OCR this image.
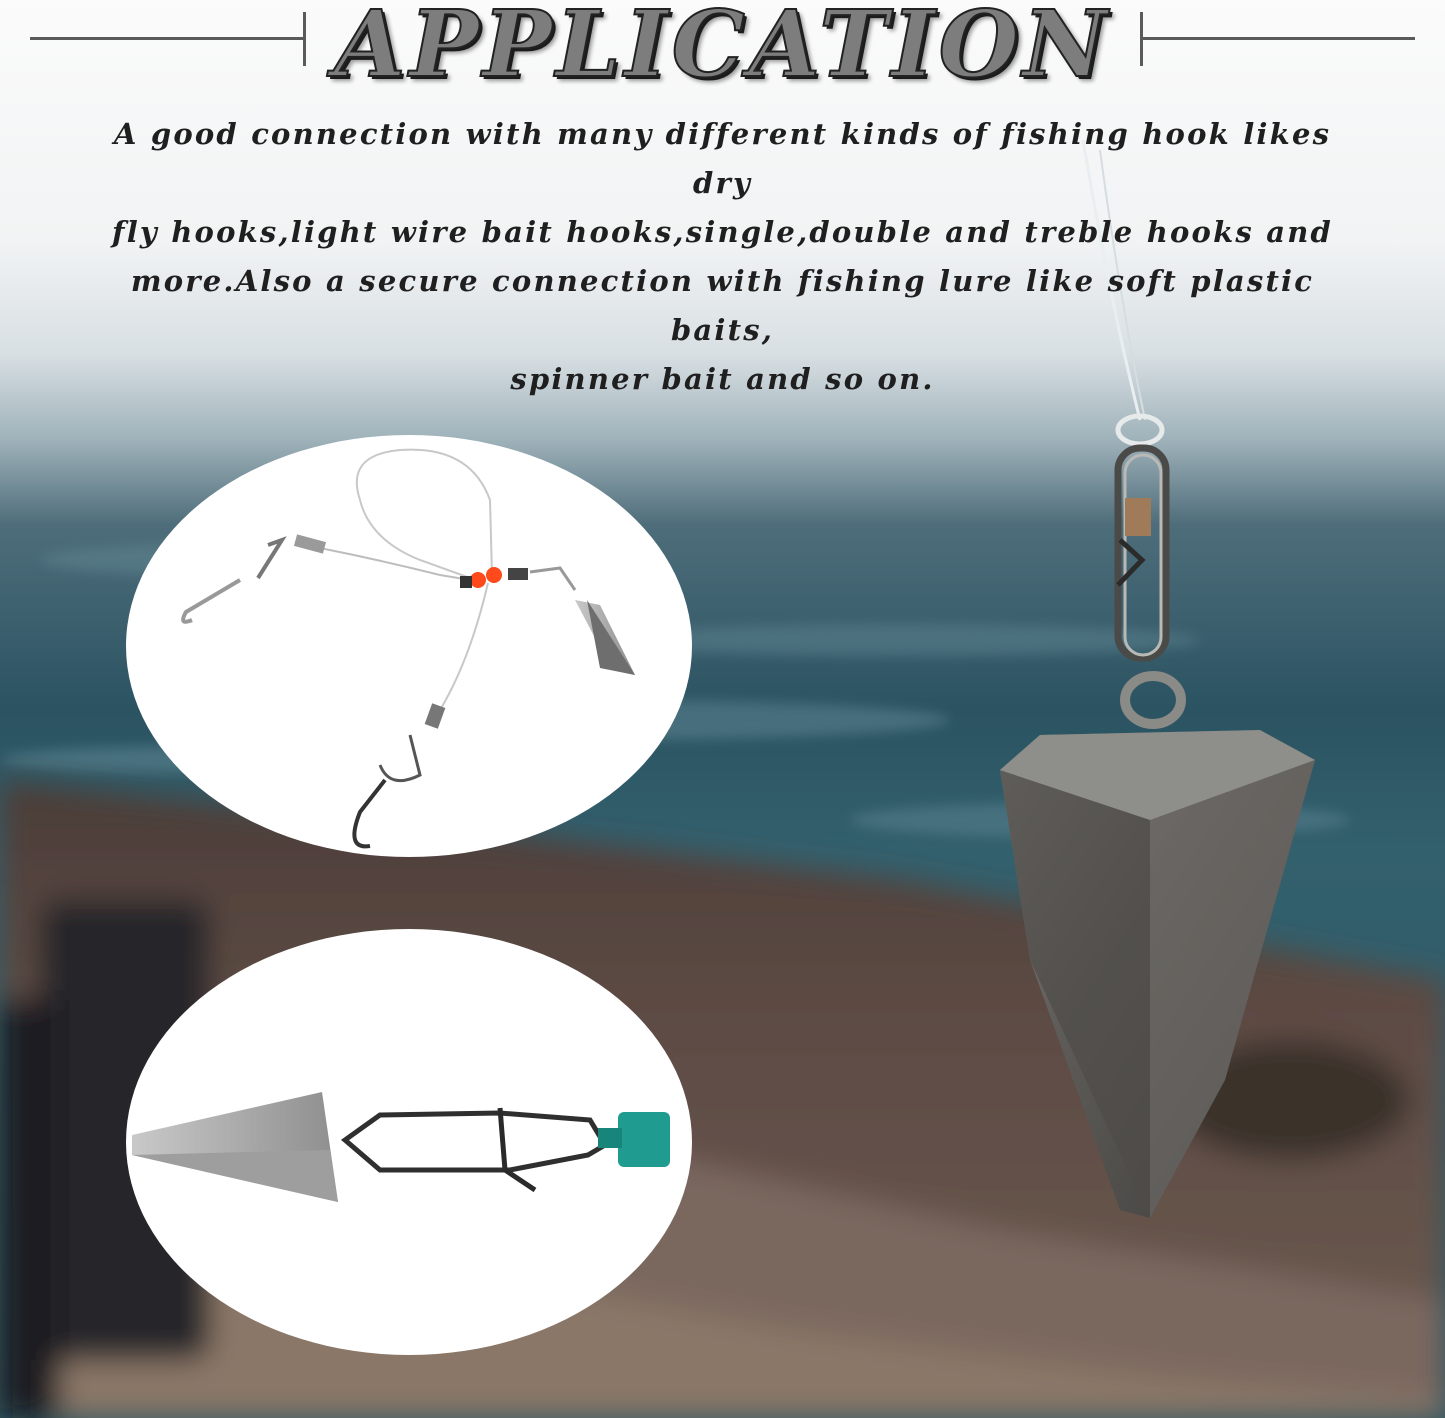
APPLICATION
A good connection with many different kinds of fishing hook likes dry
fly hooks,light wire bait hooks,single,double and treble hooks and
more.Also a secure connection with fishing lure like soft plastic baits,
spinner bait and so on.
